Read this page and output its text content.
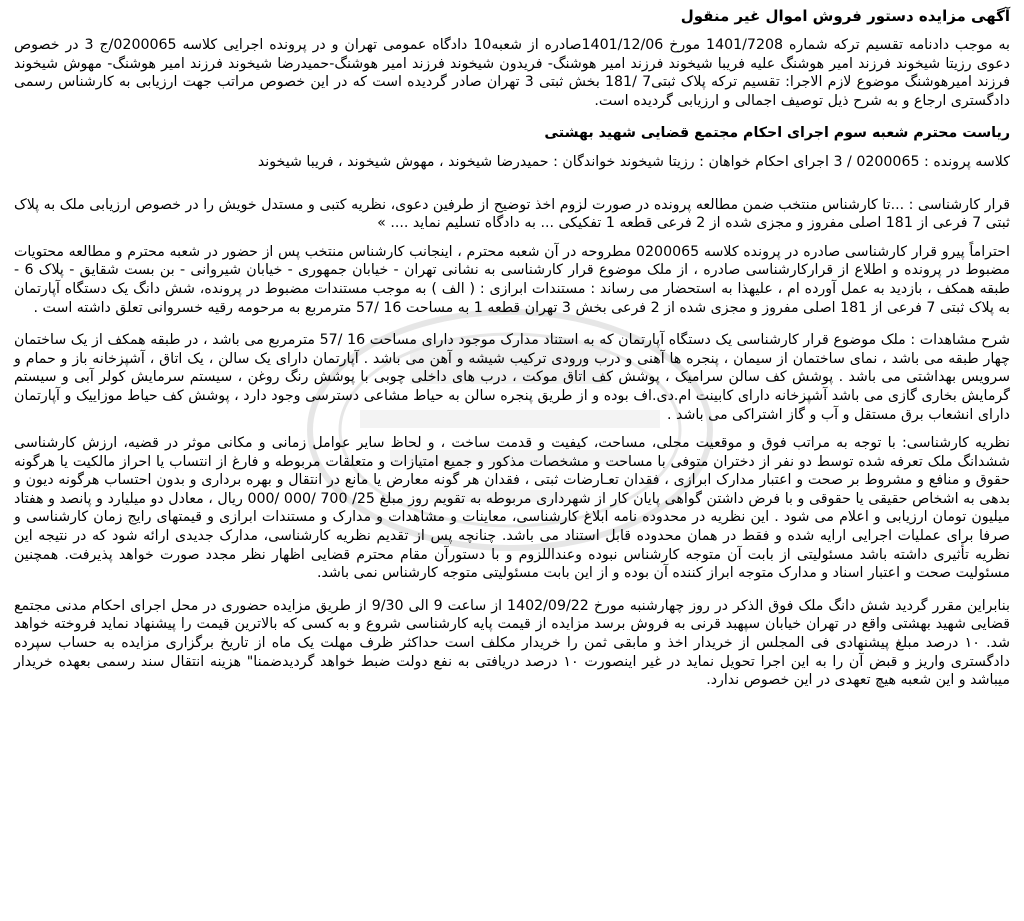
آگهی مزایده دستور فروش اموال غیر منقول

به موجب دادنامه تقسیم ترکه شماره 1401/7208 مورخ 1401/12/06صادره از شعبه10 دادگاه عمومی تهران و در پرونده اجرایی کلاسه 0200065/ج 3 در خصوص دعوی رزیتا شیخوند فرزند امیر هوشنگ علیه فریبا شیخوند فرزند امیر هوشنگ- فریدون شیخوند فرزند امیر هوشنگ-حمیدرضا شیخوند فرزند امیر هوشنگ- مهوش شیخوند فرزند امیرهوشنگ موضوع لازم الاجرا: تقسیم ترکه پلاک ثبتی7 /181 بخش ثبتی 3 تهران صادر گردیده است که در این خصوص مراتب جهت ارزیابی به کارشناس رسمی دادگستری ارجاع و به شرح ذیل توصیف اجمالی و ارزیابی گردیده است.

ریاست محترم شعبه سوم اجرای احکام مجتمع قضایی شهید بهشتی

کلاسه پرونده : 0200065 / 3 اجرای احکام خواهان : رزیتا شیخوند خواندگان : حمیدرضا شیخوند ، مهوش شیخوند ، فریبا شیخوند

قرار کارشناسی : ...تا کارشناس منتخب ضمن مطالعه پرونده در صورت لزوم اخذ توضیح از طرفین دعوی، نظریه کتبی و مستدل خویش را در خصوص ارزیابی ملک به پلاک ثبتی 7 فرعی از 181 اصلی مفروز و مجزی شده از 2 فرعی قطعه 1 تفکیکی ... به دادگاه تسلیم نماید .... »

احتراماً پیرو قرار کارشناسی صادره در پرونده کلاسه 0200065 مطروحه در آن شعبه محترم ، اینجانب کارشناس منتخب پس از حضور در شعبه محترم و مطالعه محتویات مضبوط در پرونده و اطلاع از قرارکارشناسی صادره ، از ملک موضوع قرار کارشناسی به نشانی تهران - خیابان جمهوری - خیابان شیروانی - بن بست شقایق - پلاک 6 - طبقه همکف ، بازدید به عمل آورده ام ، علیهذا به استحضار می رساند : مستندات ابرازی : ( الف ) به موجب مستندات مضبوط در پرونده، شش دانگ یک دستگاه آپارتمان به پلاک ثبتی 7 فرعی از 181 اصلی مفروز و مجزی شده از 2 فرعی بخش 3 تهران قطعه 1 به مساحت 16 /57 مترمربع به مرحومه رقیه خسروانی تعلق داشته است .

شرح مشاهدات : ملک موضوع قرار کارشناسی یک دستگاه آپارتمان که به استناد مدارک موجود دارای مساحت 16 /57 مترمربع می باشد ، در طبقه همکف از یک ساختمان چهار طبقه می باشد ، نمای ساختمان از سیمان ، پنجره ها آهنی و درب ورودی ترکیب شیشه و آهن می باشد . آپارتمان دارای یک سالن ، یک اتاق ، آشپزخانه باز و حمام و سرویس بهداشتی می باشد . پوشش کف سالن سرامیک ، پوشش کف اتاق موکت ، درب های داخلی چوبی با پوشش رنگ روغن ، سیستم سرمایش کولر آبی و سیستم گرمایش بخاری گازی می باشد آشپزخانه دارای کابینت ام.دی.اف بوده و از طریق پنجره سالن به حیاط مشاعی دسترسی وجود دارد ، پوشش کف حیاط موزاییک و آپارتمان دارای انشعاب برق مستقل و آب و گاز اشتراکی می باشد .

نظریه کارشناسی: با توجه به مراتب فوق و موقعیت محلی، مساحت، کیفیت و قدمت ساخت ، و لحاظ سایر عوامل زمانی و مکانی موثر در قضیه، ارزش کارشناسی ششدانگ ملک تعرفه شده توسط دو نفر از دختران متوفی با مساحت و مشخصات مذکور و جمیع امتیازات و متعلقات مربوطه و فارغ از انتساب یا احراز مالکیت یا هرگونه حقوق و منافع و مشروط بر صحت و اعتبار مدارک ابرازی ، فقدان تعـارضات ثبتی ، فقدان هر گونه معارض یا مانع در انتقال و بهره برداری و بدون احتساب هرگونه دیون و بدهی به اشخاص حقیقی یا حقوقی و با فرض داشتن گواهی پایان کار از شهرداری مربوطه به تقویم روز مبلغ 25/ 700 /000 /000 ریال ، معادل دو میلیارد و پانصد و هفتاد میلیون تومان ارزیابی و اعلام می شود . این نظریه در محدوده نامه ابلاغ کارشناسی، معاینات و مشاهدات و مدارک و مستندات ابرازی و قیمتهای رایج زمان کارشناسی و صرفا برای عملیات اجرایی ارایه شده و فقط در همان محدوده قابل استناد می باشد. چنانچه پس از تقدیم نظریه کارشناسی، مدارک جدیدی ارائه شود که در نتیجه این نظریه تأثیری داشته باشد مسئولیتی از بابت آن متوجه کارشناس نبوده وعنداللزوم و با دستورآن مقام محترم قضایی اظهار نظر مجدد صورت خواهد پذیرفت. همچنین مسئولیت صحت و اعتبار اسناد و مدارک متوجه ابراز کننده آن بوده و از این بابت مسئولیتی متوجه کارشناس نمی باشد.

بنابراین مقرر گردید شش دانگ ملک فوق الذکر در روز چهارشنبه مورخ 1402/09/22 از ساعت 9 الی 9/30 از طریق مزایده حضوری در محل اجرای احکام مدنی مجتمع قضایی شهید بهشتی واقع در تهران خیابان سپهبد قرنی به فروش برسد مزایده از قیمت پایه کارشناسی شروع و به کسی که بالاترین قیمت را پیشنهاد نماید فروخته خواهد شد. ۱۰ درصد مبلغ پیشنهادی فی المجلس از خریدار اخذ و مابقی ثمن را خریدار مکلف است حداکثر ظرف مهلت یک ماه از تاریخ برگزاری مزایده به حساب سپرده دادگستری واریز و قبض آن را به این اجرا تحویل نماید در غیر اینصورت ۱۰ درصد دریافتی به نفع دولت ضبط خواهد گردیدضمنا" هزینه انتقال سند رسمی بعهده خریدار میباشد و این شعبه هیچ تعهدی در این خصوص ندارد.
